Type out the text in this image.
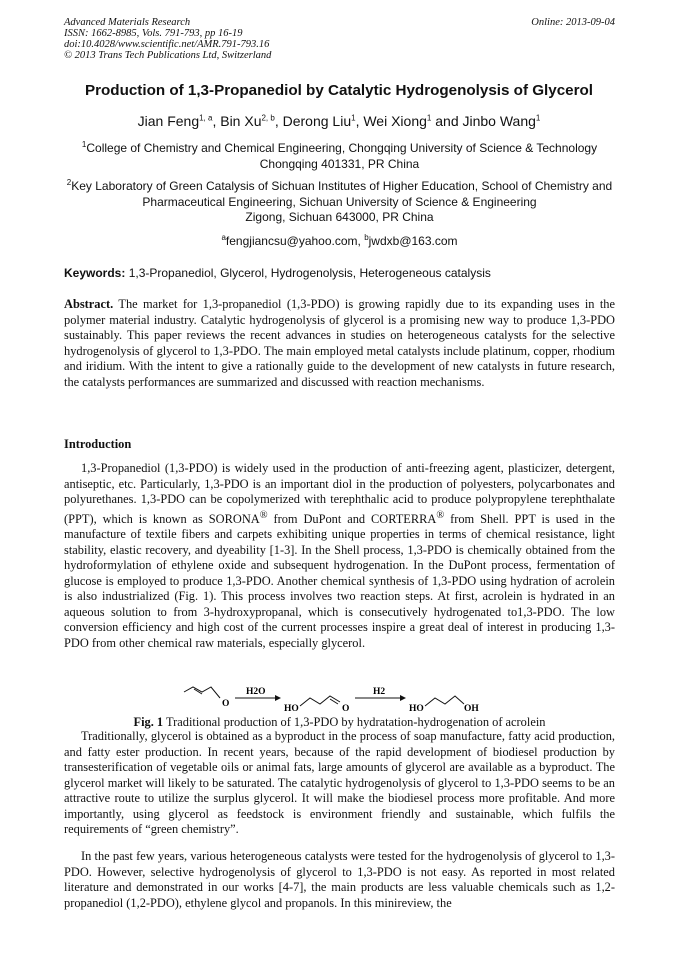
Advanced Materials Research
ISSN: 1662-8985, Vols. 791-793, pp 16-19
doi:10.4028/www.scientific.net/AMR.791-793.16
© 2013 Trans Tech Publications Ltd, Switzerland
Online: 2013-09-04
Production of 1,3-Propanediol by Catalytic Hydrogenolysis of Glycerol
Jian Feng$^{1, a}$, Bin Xu$^{2, b}$, Derong Liu$^1$, Wei Xiong$^1$ and Jinbo Wang$^1$
$^1$College of Chemistry and Chemical Engineering, Chongqing University of Science & Technology Chongqing 401331, PR China
$^2$Key Laboratory of Green Catalysis of Sichuan Institutes of Higher Education, School of Chemistry and Pharmaceutical Engineering, Sichuan University of Science & Engineering
Zigong, Sichuan 643000, PR China
$^a$fengjiancsu@yahoo.com, $^b$jwdxb@163.com
Keywords: 1,3-Propanediol, Glycerol, Hydrogenolysis, Heterogeneous catalysis
Abstract. The market for 1,3-propanediol (1,3-PDO) is growing rapidly due to its expanding uses in the polymer material industry. Catalytic hydrogenolysis of glycerol is a promising new way to produce 1,3-PDO sustainably. This paper reviews the recent advances in studies on heterogeneous catalysts for the selective hydrogenolysis of glycerol to 1,3-PDO. The main employed metal catalysts include platinum, copper, rhodium and iridium. With the intent to give a rationally guide to the development of new catalysts in future research, the catalysts performances are summarized and discussed with reaction mechanisms.
Introduction
1,3-Propanediol (1,3-PDO) is widely used in the production of anti-freezing agent, plasticizer, detergent, antiseptic, etc. Particularly, 1,3-PDO is an important diol in the production of polyesters, polycarbonates and polyurethanes. 1,3-PDO can be copolymerized with terephthalic acid to produce polypropylene terephthalate (PPT), which is known as SORONA® from DuPont and CORTERRA® from Shell. PPT is used in the manufacture of textile fibers and carpets exhibiting unique properties in terms of chemical resistance, light stability, elastic recovery, and dyeability [1-3]. In the Shell process, 1,3-PDO is chemically obtained from the hydroformylation of ethylene oxide and subsequent hydrogenation. In the DuPont process, fermentation of glucose is employed to produce 1,3-PDO. Another chemical synthesis of 1,3-PDO using hydration of acrolein is also industrialized (Fig. 1). This process involves two reaction steps. At first, acrolein is hydrated in an aqueous solution to from 3-hydroxypropanal, which is consecutively hydrogenated to1,3-PDO. The low conversion efficiency and high cost of the current processes inspire a great deal of interest in producing 1,3-PDO from other chemical raw materials, especially glycerol.
O
H2O
HO	O
H2
HO	OH
Fig. 1 Traditional production of 1,3-PDO by hydratation-hydrogenation of acrolein
Traditionally, glycerol is obtained as a byproduct in the process of soap manufacture, fatty acid production, and fatty ester production. In recent years, because of the rapid development of biodiesel production by transesterification of vegetable oils or animal fats, large amounts of glycerol are available as a byproduct. The glycerol market will likely to be saturated. The catalytic hydrogenolysis of glycerol to 1,3-PDO seems to be an attractive route to utilize the surplus glycerol. It will make the biodiesel process more profitable. And more importantly, using glycerol as feedstock is environment friendly and sustainable, which fulfils the requirements of “green chemistry”.
In the past few years, various heterogeneous catalysts were tested for the hydrogenolysis of glycerol to 1,3-PDO. However, selective hydrogenolysis of glycerol to 1,3-PDO is not easy. As reported in most related literature and demonstrated in our works [4-7], the main products are less valuable chemicals such as 1,2-propanediol (1,2-PDO), ethylene glycol and propanols. In this minireview, the
